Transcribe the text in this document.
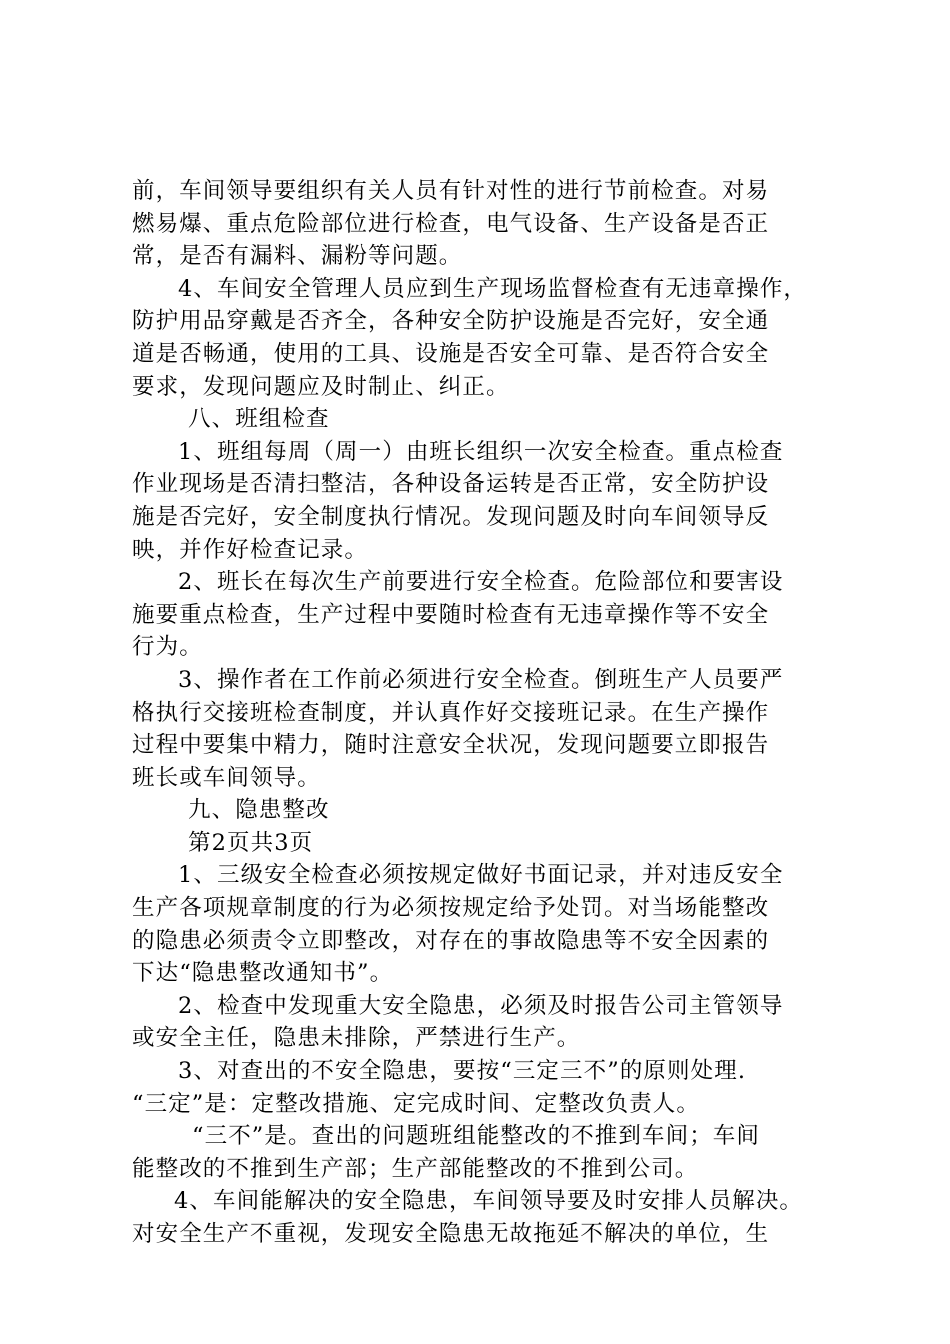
前，车间领导要组织有关人员有针对性的进行节前检查。对易
燃易爆、重点危险部位进行检查，电气设备、生产设备是否正
常，是否有漏料、漏粉等问题。
4、车间安全管理人员应到生产现场监督检查有无违章操作，
防护用品穿戴是否齐全，各种安全防护设施是否完好，安全通
道是否畅通，使用的工具、设施是否安全可靠、是否符合安全
要求，发现问题应及时制止、纠正。
八、班组检查
1、班组每周（周一）由班长组织一次安全检查。重点检查
作业现场是否清扫整洁，各种设备运转是否正常，安全防护设
施是否完好，安全制度执行情况。发现问题及时向车间领导反
映，并作好检查记录。
2、班长在每次生产前要进行安全检查。危险部位和要害设
施要重点检查，生产过程中要随时检查有无违章操作等不安全
行为。
3、操作者在工作前必须进行安全检查。倒班生产人员要严
格执行交接班检查制度，并认真作好交接班记录。在生产操作
过程中要集中精力，随时注意安全状况，发现问题要立即报告
班长或车间领导。
九、隐患整改
第2页共3页
1、三级安全检查必须按规定做好书面记录，并对违反安全
生产各项规章制度的行为必须按规定给予处罚。对当场能整改
的隐患必须责令立即整改，对存在的事故隐患等不安全因素的
下达“隐患整改通知书”。
2、检查中发现重大安全隐患，必须及时报告公司主管领导
或安全主任，隐患未排除，严禁进行生产。
3、对查出的不安全隐患，要按“三定三不”的原则处理.
“三定”是：定整改措施、定完成时间、定整改负责人。
“三不”是。查出的问题班组能整改的不推到车间；车间
能整改的不推到生产部；生产部能整改的不推到公司。
4、车间能解决的安全隐患，车间领导要及时安排人员解决。
对安全生产不重视，发现安全隐患无故拖延不解决的单位，生
